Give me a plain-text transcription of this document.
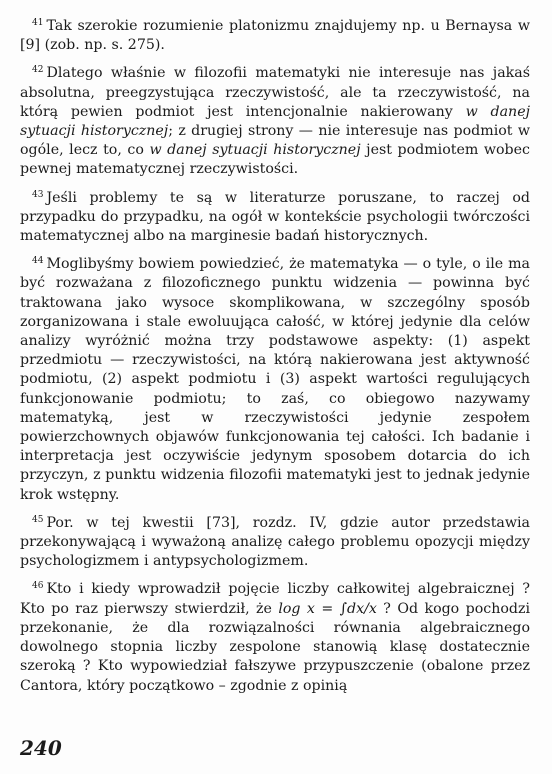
$^{41}$ Tak szerokie rozumienie platonizmu znajdujemy np. u Bernaysa w [9] (zob. np. s. 275).

$^{42}$ Dlatego właśnie w filozofii matematyki nie interesuje nas jakaś absolutna, preegzystująca rzeczywistość, ale ta rzeczywistość, na którą pewien podmiot jest intencjonalnie nakierowany w danej sytuacji historycznej; z drugiej strony — nie interesuje nas podmiot w ogóle, lecz to, co w danej sytuacji historycznej jest podmiotem wobec pewnej matematycznej rzeczywistości.

$^{43}$ Jeśli problemy te są w literaturze poruszane, to raczej od przypadku do przypadku, na ogół w kontekście psychologii twórczości matematycznej albo na marginesie badań historycznych.

$^{44}$ Moglibyśmy bowiem powiedzieć, że matematyka — o tyle, o ile ma być rozważana z filozoficznego punktu widzenia — powinna być traktowana jako wysoce skomplikowana, w szczególny sposób zorganizowana i stale ewoluująca całość, w której jedynie dla celów analizy wyróżnić można trzy podstawowe aspekty: (1) aspekt przedmiotu — rzeczywistości, na którą nakierowana jest aktywność podmiotu, (2) aspekt podmiotu i (3) aspekt wartości regulujących funkcjonowanie podmiotu; to zaś, co obiegowo nazywamy matematyką, jest w rzeczywistości jedynie zespołem powierzchownych objawów funkcjonowania tej całości. Ich badanie i interpretacja jest oczywiście jedynym sposobem dotarcia do ich przyczyn, z punktu widzenia filozofii matematyki jest to jednak jedynie krok wstępny.

$^{45}$ Por. w tej kwestii [73], rozdz. IV, gdzie autor przedstawia przekonywającą i wyważoną analizę całego problemu opozycji między psychologizmem i antypsychologizmem.

$^{46}$ Kto i kiedy wprowadził pojęcie liczby całkowitej algebraicznej ? Kto po raz pierwszy stwierdził, że log x = ∫dx/x ? Od kogo pochodzi przekonanie, że dla rozwiązalności równania algebraicznego dowolnego stopnia liczby zespolone stanowią klasę dostatecznie szeroką ? Kto wypowiedział fałszywe przypuszczenie (obalone przez Cantora, który początkowo – zgodnie z opinią

240
